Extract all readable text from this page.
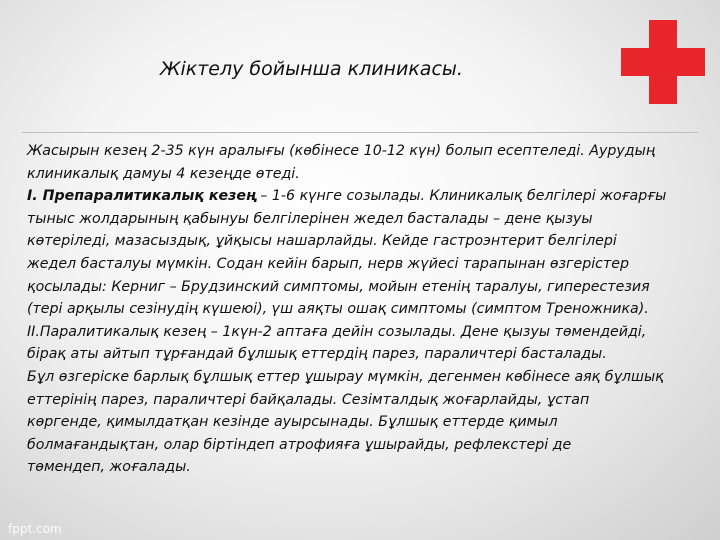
Жіктелу бойынша клиникасы.
Жасырын кезең 2-35 күн аралығы (көбінесе 10-12 күн) болып есептеледі. Аурудың
клиникалық дамуы 4 кезеңде өтеді.
І. Препаралитикалық кезең – 1-6 күнге созылады. Клиникалық белгілері жоғарғы
тыныс жолдарының қабынуы белгілерінен жедел басталады – дене қызуы
көтеріледі, мазасыздық, ұйқысы нашарлайды. Кейде гастроэнтерит белгілері
жедел басталуы мүмкін. Содан кейін барып, нерв жүйесі тарапынан өзгерістер
қосылады: Керниг – Брудзинский симптомы, мойын етенің таралуы, гиперестезия
(тері арқылы сезінудің күшеюі), үш аяқты ошақ симптомы (симптом Треножника).
ІІ.Паралитикалық кезең – 1күн-2 аптаға дейін созылады. Дене қызуы төмендейді,
бірақ аты айтып тұрғандай бұлшық еттердің парез, параличтері басталады.
Бұл өзгеріске барлық бұлшық еттер ұшырау мүмкін, дегенмен көбінесе аяқ бұлшық
еттерінің парез, параличтері байқалады. Сезімталдық жоғарлайды, ұстап
көргенде, қимылдатқан кезінде ауырсынады. Бұлшық еттерде қимыл
болмағандықтан, олар біртіндеп атрофияға ұшырайды, рефлекстері де
төмендеп, жоғалады.
fppt.com
